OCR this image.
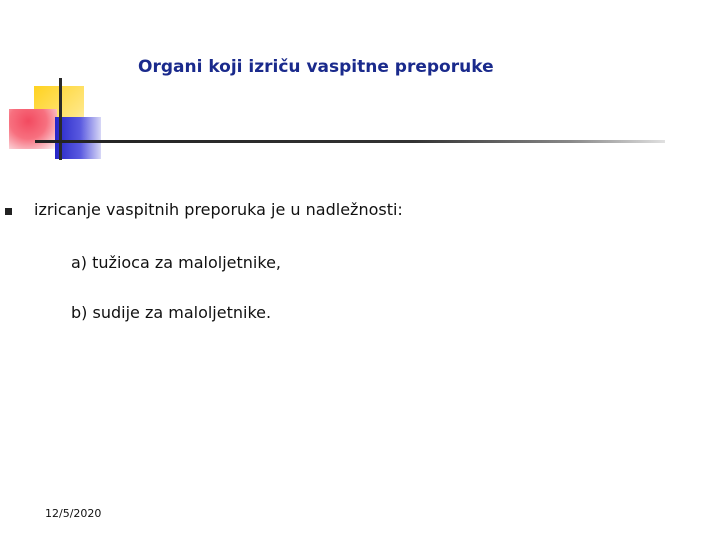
Organi koji izriču vaspitne preporuke
izricanje vaspitnih preporuka je u nadležnosti:
a) tužioca za maloljetnike,
b) sudije za maloljetnike.
12/5/2020
